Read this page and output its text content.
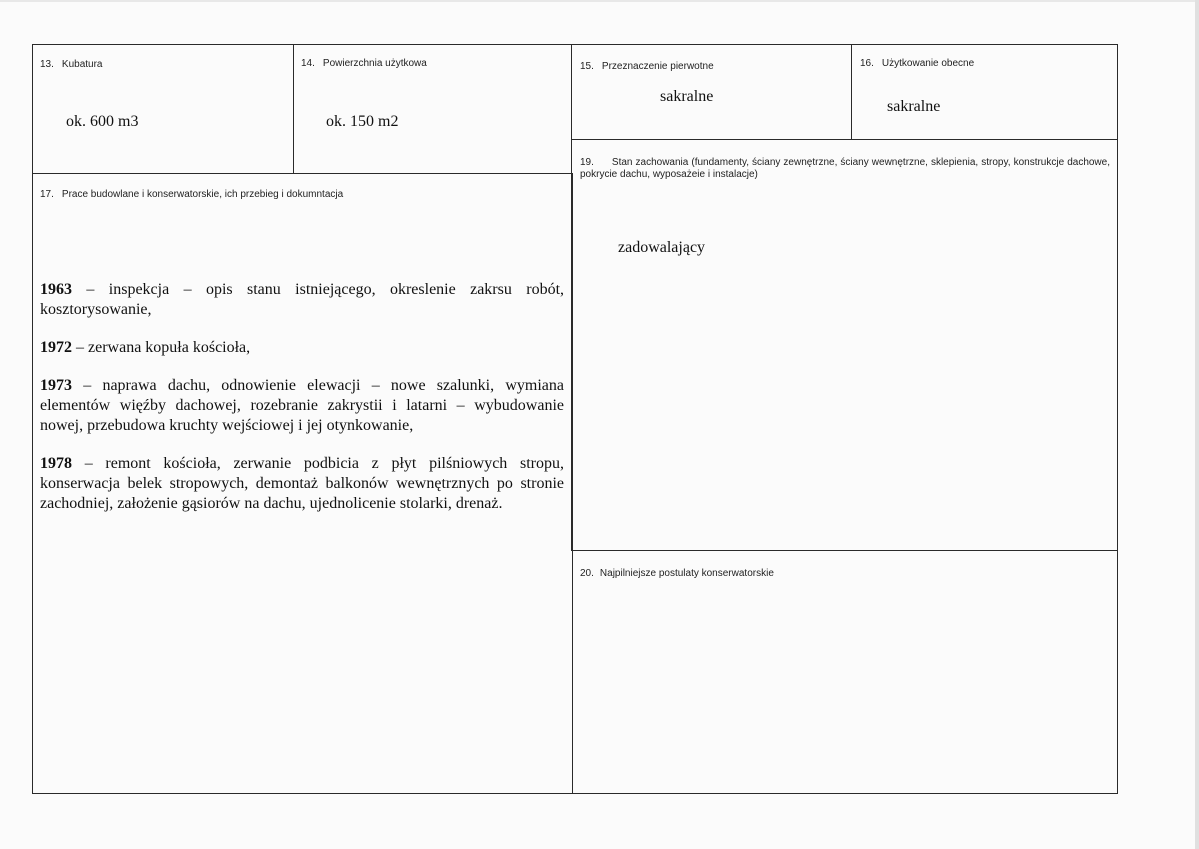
13. Kubatura
ok. 600 m3
14. Powierzchnia użytkowa
ok. 150 m2
15. Przeznaczenie pierwotne
sakralne
16. Użytkowanie obecne
sakralne
17. Prace budowlane i konserwatorskie, ich przebieg i dokumntacja

1963 – inspekcja – opis stanu istniejącego, okreslenie zakrsu robót, kosztorysowanie,

1972 – zerwana kopuła kościoła,

1973 – naprawa dachu, odnowienie elewacji – nowe szalunki, wymiana elementów więźby dachowej, rozebranie zakrystii i latarni – wybudowanie nowej, przebudowa kruchty wejściowej i jej otynkowanie,

1978 – remont kościoła, zerwanie podbicia z płyt pilśniowych stropu, konserwacja belek stropowych, demontaż balkonów wewnętrznych po stronie zachodniej, założenie gąsiorów na dachu, ujednolicenie stolarki, drenaż.

19. Stan zachowania (fundamenty, ściany zewnętrzne, ściany wewnętrzne, sklepienia, stropy, konstrukcje dachowe, pokrycie dachu, wyposażeie i instalacje)
zadowalający
20. Najpilniejsze postulaty konserwatorskie
